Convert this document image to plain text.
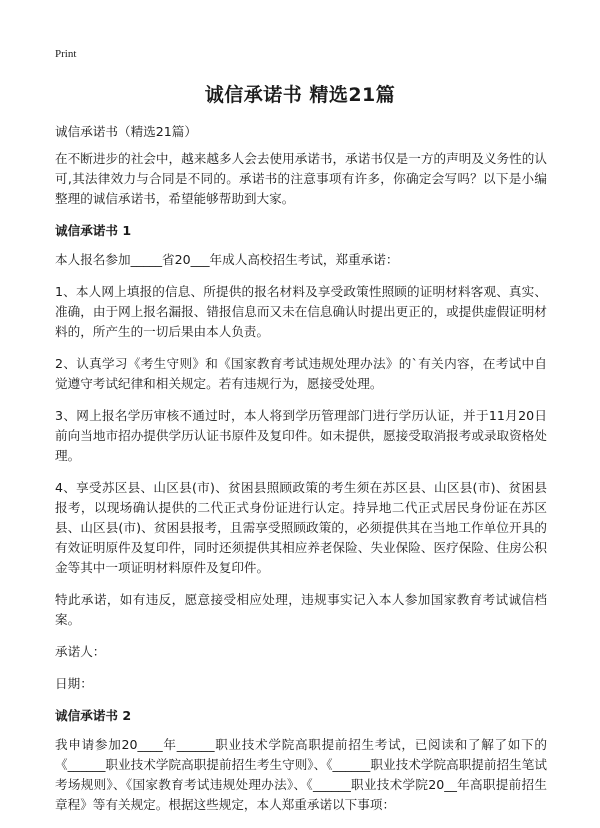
Print
诚信承诺书 精选21篇

诚信承诺书（精选21篇）

在不断进步的社会中，越来越多人会去使用承诺书，承诺书仅是一方的声明及义务性的认可,其法律效力与合同是不同的。承诺书的注意事项有许多，你确定会写吗？以下是小编整理的诚信承诺书，希望能够帮助到大家。

诚信承诺书 1

本人报名参加_____省20___年成人高校招生考试，郑重承诺：

1、本人网上填报的信息、所提供的报名材料及享受政策性照顾的证明材料客观、真实、准确，由于网上报名漏报、错报信息而又未在信息确认时提出更正的，或提供虚假证明材料的，所产生的一切后果由本人负责。

2、认真学习《考生守则》和《国家教育考试违规处理办法》的`有关内容，在考试中自觉遵守考试纪律和相关规定。若有违规行为，愿接受处理。

3、网上报名学历审核不通过时，本人将到学历管理部门进行学历认证，并于11月20日前向当地市招办提供学历认证书原件及复印件。如未提供，愿接受取消报考或录取资格处理。

4、享受苏区县、山区县(市)、贫困县照顾政策的考生须在苏区县、山区县(市)、贫困县报考，以现场确认提供的二代正式身份证进行认定。持异地二代正式居民身份证在苏区县、山区县(市)、贫困县报考，且需享受照顾政策的，必须提供其在当地工作单位开具的有效证明原件及复印件，同时还须提供其相应养老保险、失业保险、医疗保险、住房公积金等其中一项证明材料原件及复印件。

特此承诺，如有违反，愿意接受相应处理，违规事实记入本人参加国家教育考试诚信档案。

承诺人：

日期：

诚信承诺书 2

我申请参加20____年______职业技术学院高职提前招生考试，已阅读和了解了如下的《______职业技术学院高职提前招生考生守则》、《______职业技术学院高职提前招生笔试考场规则》、《国家教育考试违规处理办法》、《______职业技术学院20__年高职提前招生章程》等有关规定。根据这些规定，本人郑重承诺以下事项：
